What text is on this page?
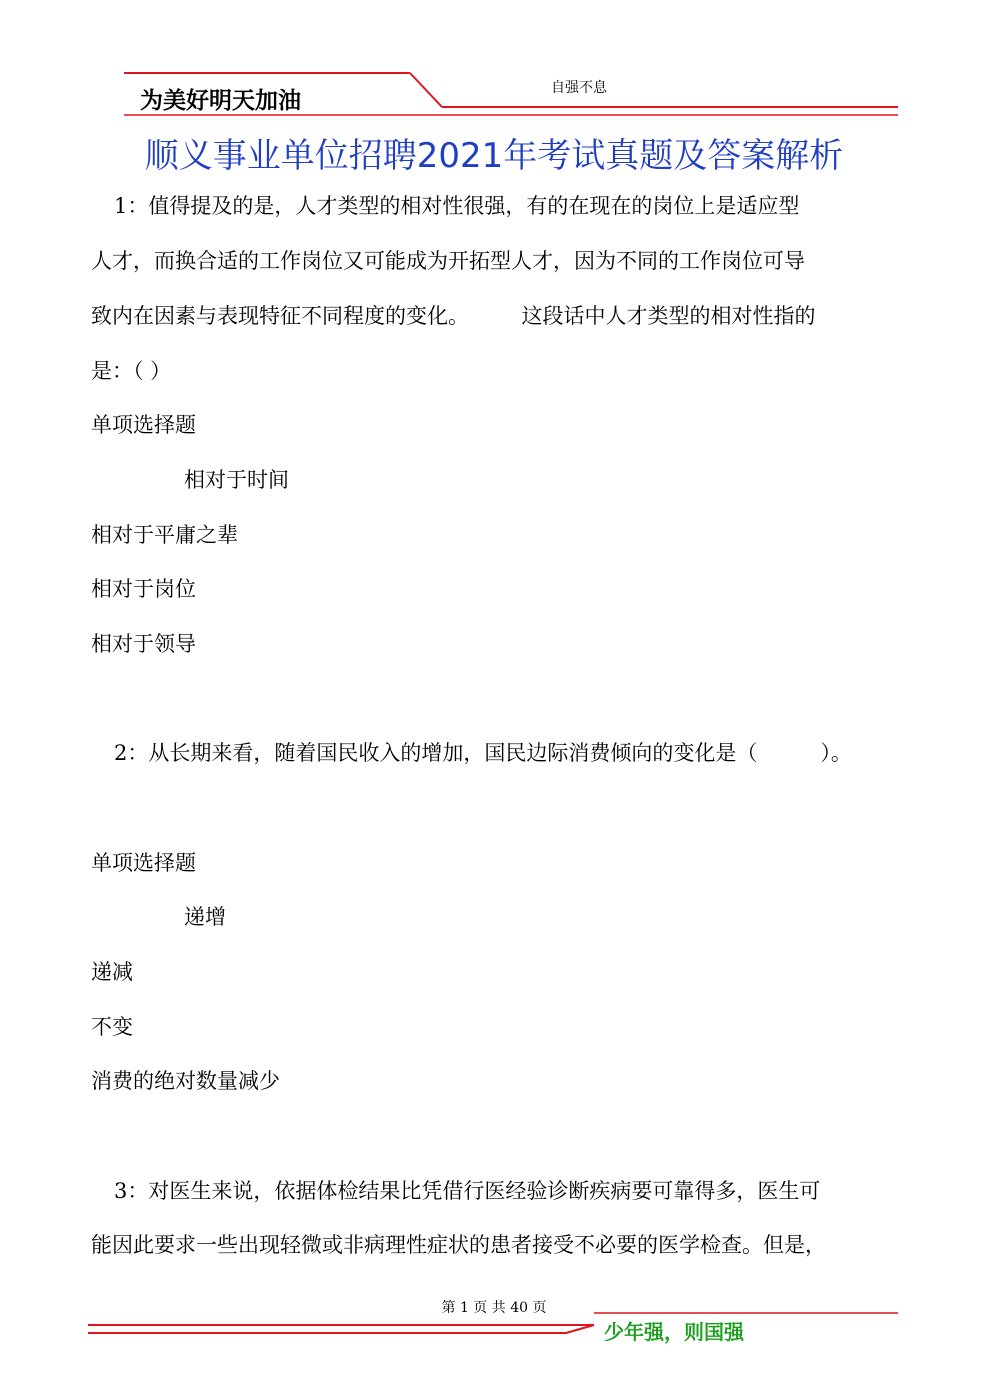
为美好明天加油	自强不息
顺义事业单位招聘2021年考试真题及答案解析
1：值得提及的是，人才类型的相对性很强，有的在现在的岗位上是适应型
人才，而换合适的工作岗位又可能成为开拓型人才，因为不同的工作岗位可导
致内在因素与表现特征不同程度的变化。　　　这段话中人才类型的相对性指的
是：（ ）
单项选择题
相对于时间
相对于平庸之辈
相对于岗位
相对于领导
2：从长期来看，随着国民收入的增加，国民边际消费倾向的变化是（　　　）。
单项选择题
递增
递减
不变
消费的绝对数量减少
3：对医生来说，依据体检结果比凭借行医经验诊断疾病要可靠得多，医生可
能因此要求一些出现轻微或非病理性症状的患者接受不必要的医学检查。但是，
第 1 页 共 40 页
少年强，则国强
